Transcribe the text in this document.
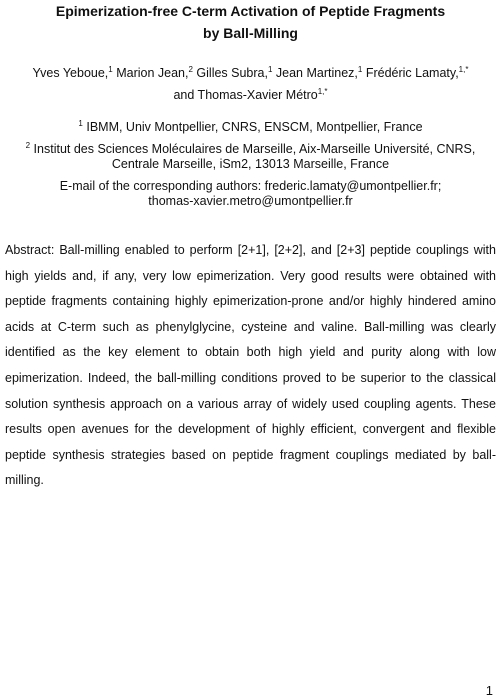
Epimerization-free C-term Activation of Peptide Fragments
by Ball-Milling
Yves Yeboue,$^1$ Marion Jean,$^2$ Gilles Subra,$^1$ Jean Martinez,$^1$ Frédéric Lamaty,$^{1,*}$
and Thomas-Xavier Métro$^{1,*}$
$^1$ IBMM, Univ Montpellier, CNRS, ENSCM, Montpellier, France
$^2$ Institut des Sciences Moléculaires de Marseille, Aix-Marseille Université, CNRS,
Centrale Marseille, iSm2, 13013 Marseille, France
E-mail of the corresponding authors: frederic.lamaty@umontpellier.fr;
thomas-xavier.metro@umontpellier.fr
Abstract: Ball-milling enabled to perform [2+1], [2+2], and [2+3] peptide couplings with high yields and, if any, very low epimerization. Very good results were obtained with peptide fragments containing highly epimerization-prone and/or highly hindered amino acids at C-term such as phenylglycine, cysteine and valine. Ball-milling was clearly identified as the key element to obtain both high yield and purity along with low epimerization. Indeed, the ball-milling conditions proved to be superior to the classical solution synthesis approach on a various array of widely used coupling agents. These results open avenues for the development of highly efficient, convergent and flexible peptide synthesis strategies based on peptide fragment couplings mediated by ball-milling.
1
